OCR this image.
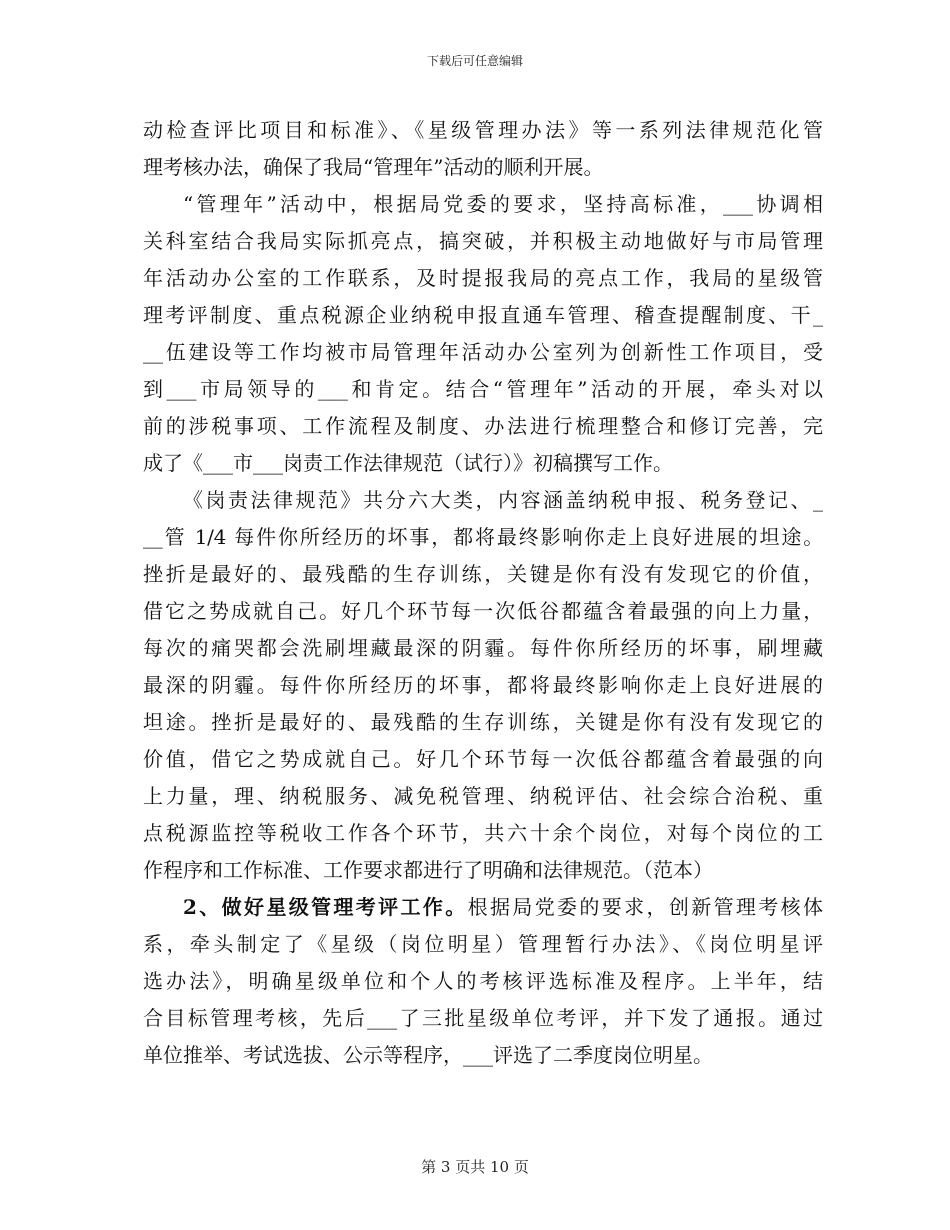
下载后可任意编辑
动检查评比项目和标准》、《星级管理办法》等一系列法律规范化管
理考核办法，确保了我局“管理年”活动的顺利开展。
“管理年”活动中，根据局党委的要求，坚持高标准，___协调相
关科室结合我局实际抓亮点，搞突破，并积极主动地做好与市局管理
年活动办公室的工作联系，及时提报我局的亮点工作，我局的星级管
理考评制度、重点税源企业纳税申报直通车管理、稽查提醒制度、干_
__伍建设等工作均被市局管理年活动办公室列为创新性工作项目，受
到___市局领导的___和肯定。结合“管理年”活动的开展，牵头对以
前的涉税事项、工作流程及制度、办法进行梳理整合和修订完善，完
成了《___市___岗责工作法律规范（试行）》初稿撰写工作。
《岗责法律规范》共分六大类，内容涵盖纳税申报、税务登记、_
__管 1/4 每件你所经历的坏事，都将最终影响你走上良好进展的坦途。
挫折是最好的、最残酷的生存训练，关键是你有没有发现它的价值，
借它之势成就自己。好几个环节每一次低谷都蕴含着最强的向上力量，
每次的痛哭都会洗刷埋藏最深的阴霾。每件你所经历的坏事，刷埋藏
最深的阴霾。每件你所经历的坏事，都将最终影响你走上良好进展的
坦途。挫折是最好的、最残酷的生存训练，关键是你有没有发现它的
价值，借它之势成就自己。好几个环节每一次低谷都蕴含着最强的向
上力量，理、纳税服务、减免税管理、纳税评估、社会综合治税、重
点税源监控等税收工作各个环节，共六十余个岗位，对每个岗位的工
作程序和工作标准、工作要求都进行了明确和法律规范。（范本）
2、做好星级管理考评工作。根据局党委的要求，创新管理考核体
系，牵头制定了《星级（岗位明星）管理暂行办法》、《岗位明星评
选办法》，明确星级单位和个人的考核评选标准及程序。上半年，结
合目标管理考核，先后___了三批星级单位考评，并下发了通报。通过
单位推举、考试选拔、公示等程序，___评选了二季度岗位明星。
第 3 页共 10 页
